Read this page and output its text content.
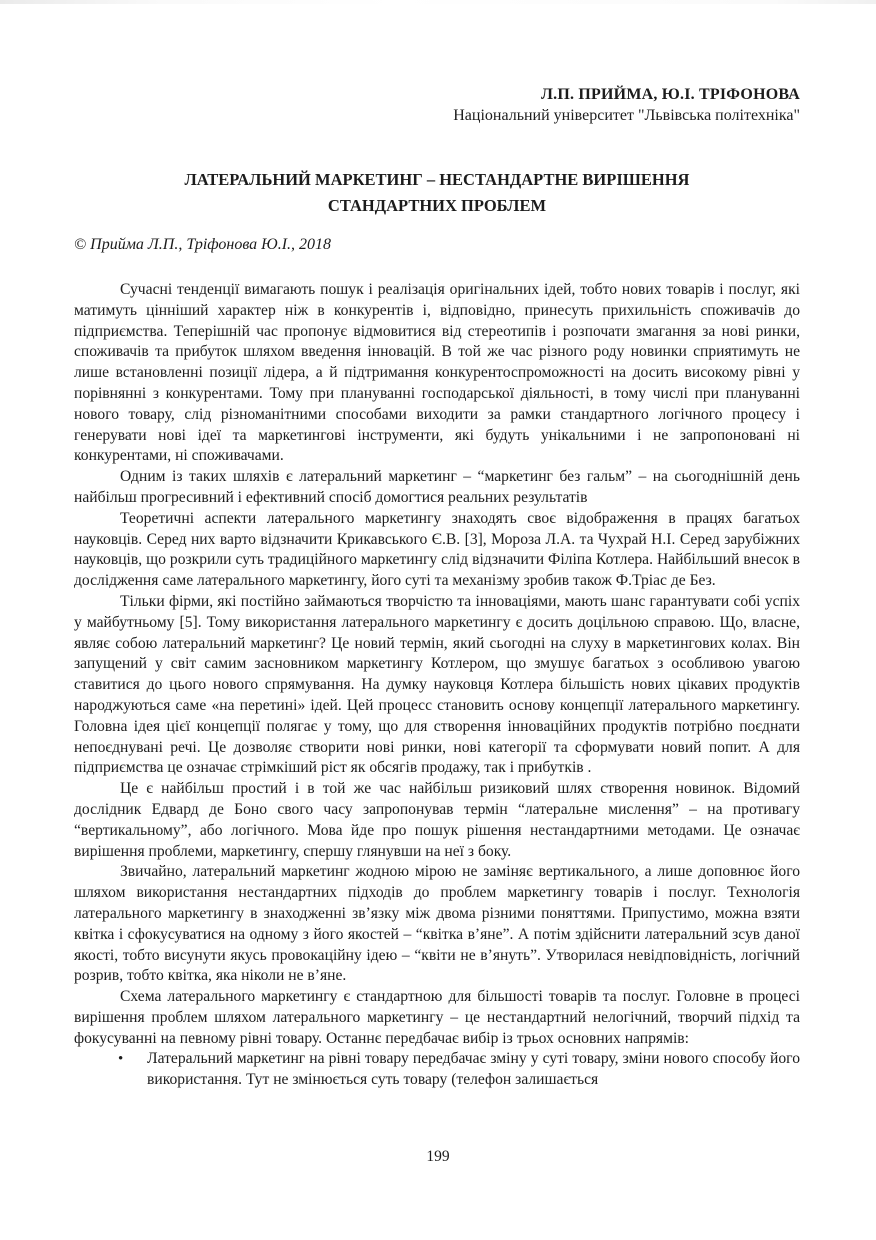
Л.П. ПРИЙМА, Ю.І. ТРІФОНОВА
Національний університет "Львівська політехніка"
ЛАТЕРАЛЬНИЙ МАРКЕТИНГ – НЕСТАНДАРТНЕ ВИРІШЕННЯ
СТАНДАРТНИХ ПРОБЛЕМ
© Прийма Л.П., Тріфонова Ю.І., 2018

Сучасні тенденції вимагають пошук і реалізація оригінальних ідей, тобто нових товарів і послуг, які матимуть цінніший характер ніж в конкурентів і, відповідно, принесуть прихильність споживачів до підприємства. Теперішній час пропонує відмовитися від стереотипів і розпочати змагання за нові ринки, споживачів та прибуток шляхом введення інновацій. В той же час різного роду новинки сприятимуть не лише встановленні позиції лідера, а й підтримання конкурентоспроможності на досить високому рівні у порівнянні з конкурентами. Тому при плануванні господарської діяльності, в тому числі при плануванні нового товару, слід різноманітними способами виходити за рамки стандартного логічного процесу і генерувати нові ідеї та маркетингові інструменти, які будуть унікальними і не запропоновані ні конкурентами, ні споживачами.

Одним із таких шляхів є латеральний маркетинг – “маркетинг без гальм” – на сьогоднішній день найбільш прогресивний і ефективний спосіб домогтися реальних результатів

Теоретичні аспекти латерального маркетингу знаходять своє відображення в працях багатьох науковців. Серед них варто відзначити Крикавського Є.В. [3], Мороза Л.А. та Чухрай Н.І. Серед зарубіжних науковців, що розкрили суть традиційного маркетингу слід відзначити Філіпа Котлера. Найбільший внесок в дослідження саме латерального маркетингу, його суті та механізму зробив також Ф.Тріас де Без.

Тільки фірми, які постійно займаються творчістю та інноваціями, мають шанс гарантувати собі успіх у майбутньому [5]. Тому використання латерального маркетингу є досить доцільною справою. Що, власне, являє собою латеральний маркетинг? Це новий термін, який сьогодні на слуху в маркетингових колах. Він запущений у світ самим засновником маркетингу Котлером, що змушує багатьох з особливою увагою ставитися до цього нового спрямування. На думку науковця Котлера більшість нових цікавих продуктів народжуються саме «на перетині» ідей. Цей процесс становить основу концепції латерального маркетингу. Головна ідея цієї концепції полягає у тому, що для створення інноваційних продуктів потрібно поєднати непоєднувані речі. Це дозволяє створити нові ринки, нові категорії та сформувати новий попит. А для підприємства це означає стрімкіший ріст як обсягів продажу, так і прибутків .

Це є найбільш простий і в той же час найбільш ризиковий шлях створення новинок. Відомий дослідник Едвард де Боно свого часу запропонував термін “латеральне мислення” – на противагу “вертикальному”, або логічного. Мова йде про пошук рішення нестандартними методами. Це означає вирішення проблеми, маркетингу, спершу глянувши на неї з боку.

Звичайно, латеральний маркетинг жодною мірою не заміняє вертикального, а лише доповнює його шляхом використання нестандартних підходів до проблем маркетингу товарів і послуг. Технологія латерального маркетингу в знаходженні зв’язку між двома різними поняттями. Припустимо, можна взяти квітка і сфокусуватися на одному з його якостей – “квітка в’яне”. А потім здійснити латеральний зсув даної якості, тобто висунути якусь провокаційну ідею – “квіти не в’януть”. Утворилася невідповідність, логічний розрив, тобто квітка, яка ніколи не в’яне.

Схема латерального маркетингу є стандартною для більшості товарів та послуг. Головне в процесі вирішення проблем шляхом латерального маркетингу – це нестандартний нелогічний, творчий підхід та фокусуванні на певному рівні товару. Останнє передбачає вибір із трьох основних напрямів:

• Латеральний маркетинг на рівні товару передбачає зміну у суті товару, зміни нового способу його використання. Тут не змінюється суть товару (телефон залишається
199
